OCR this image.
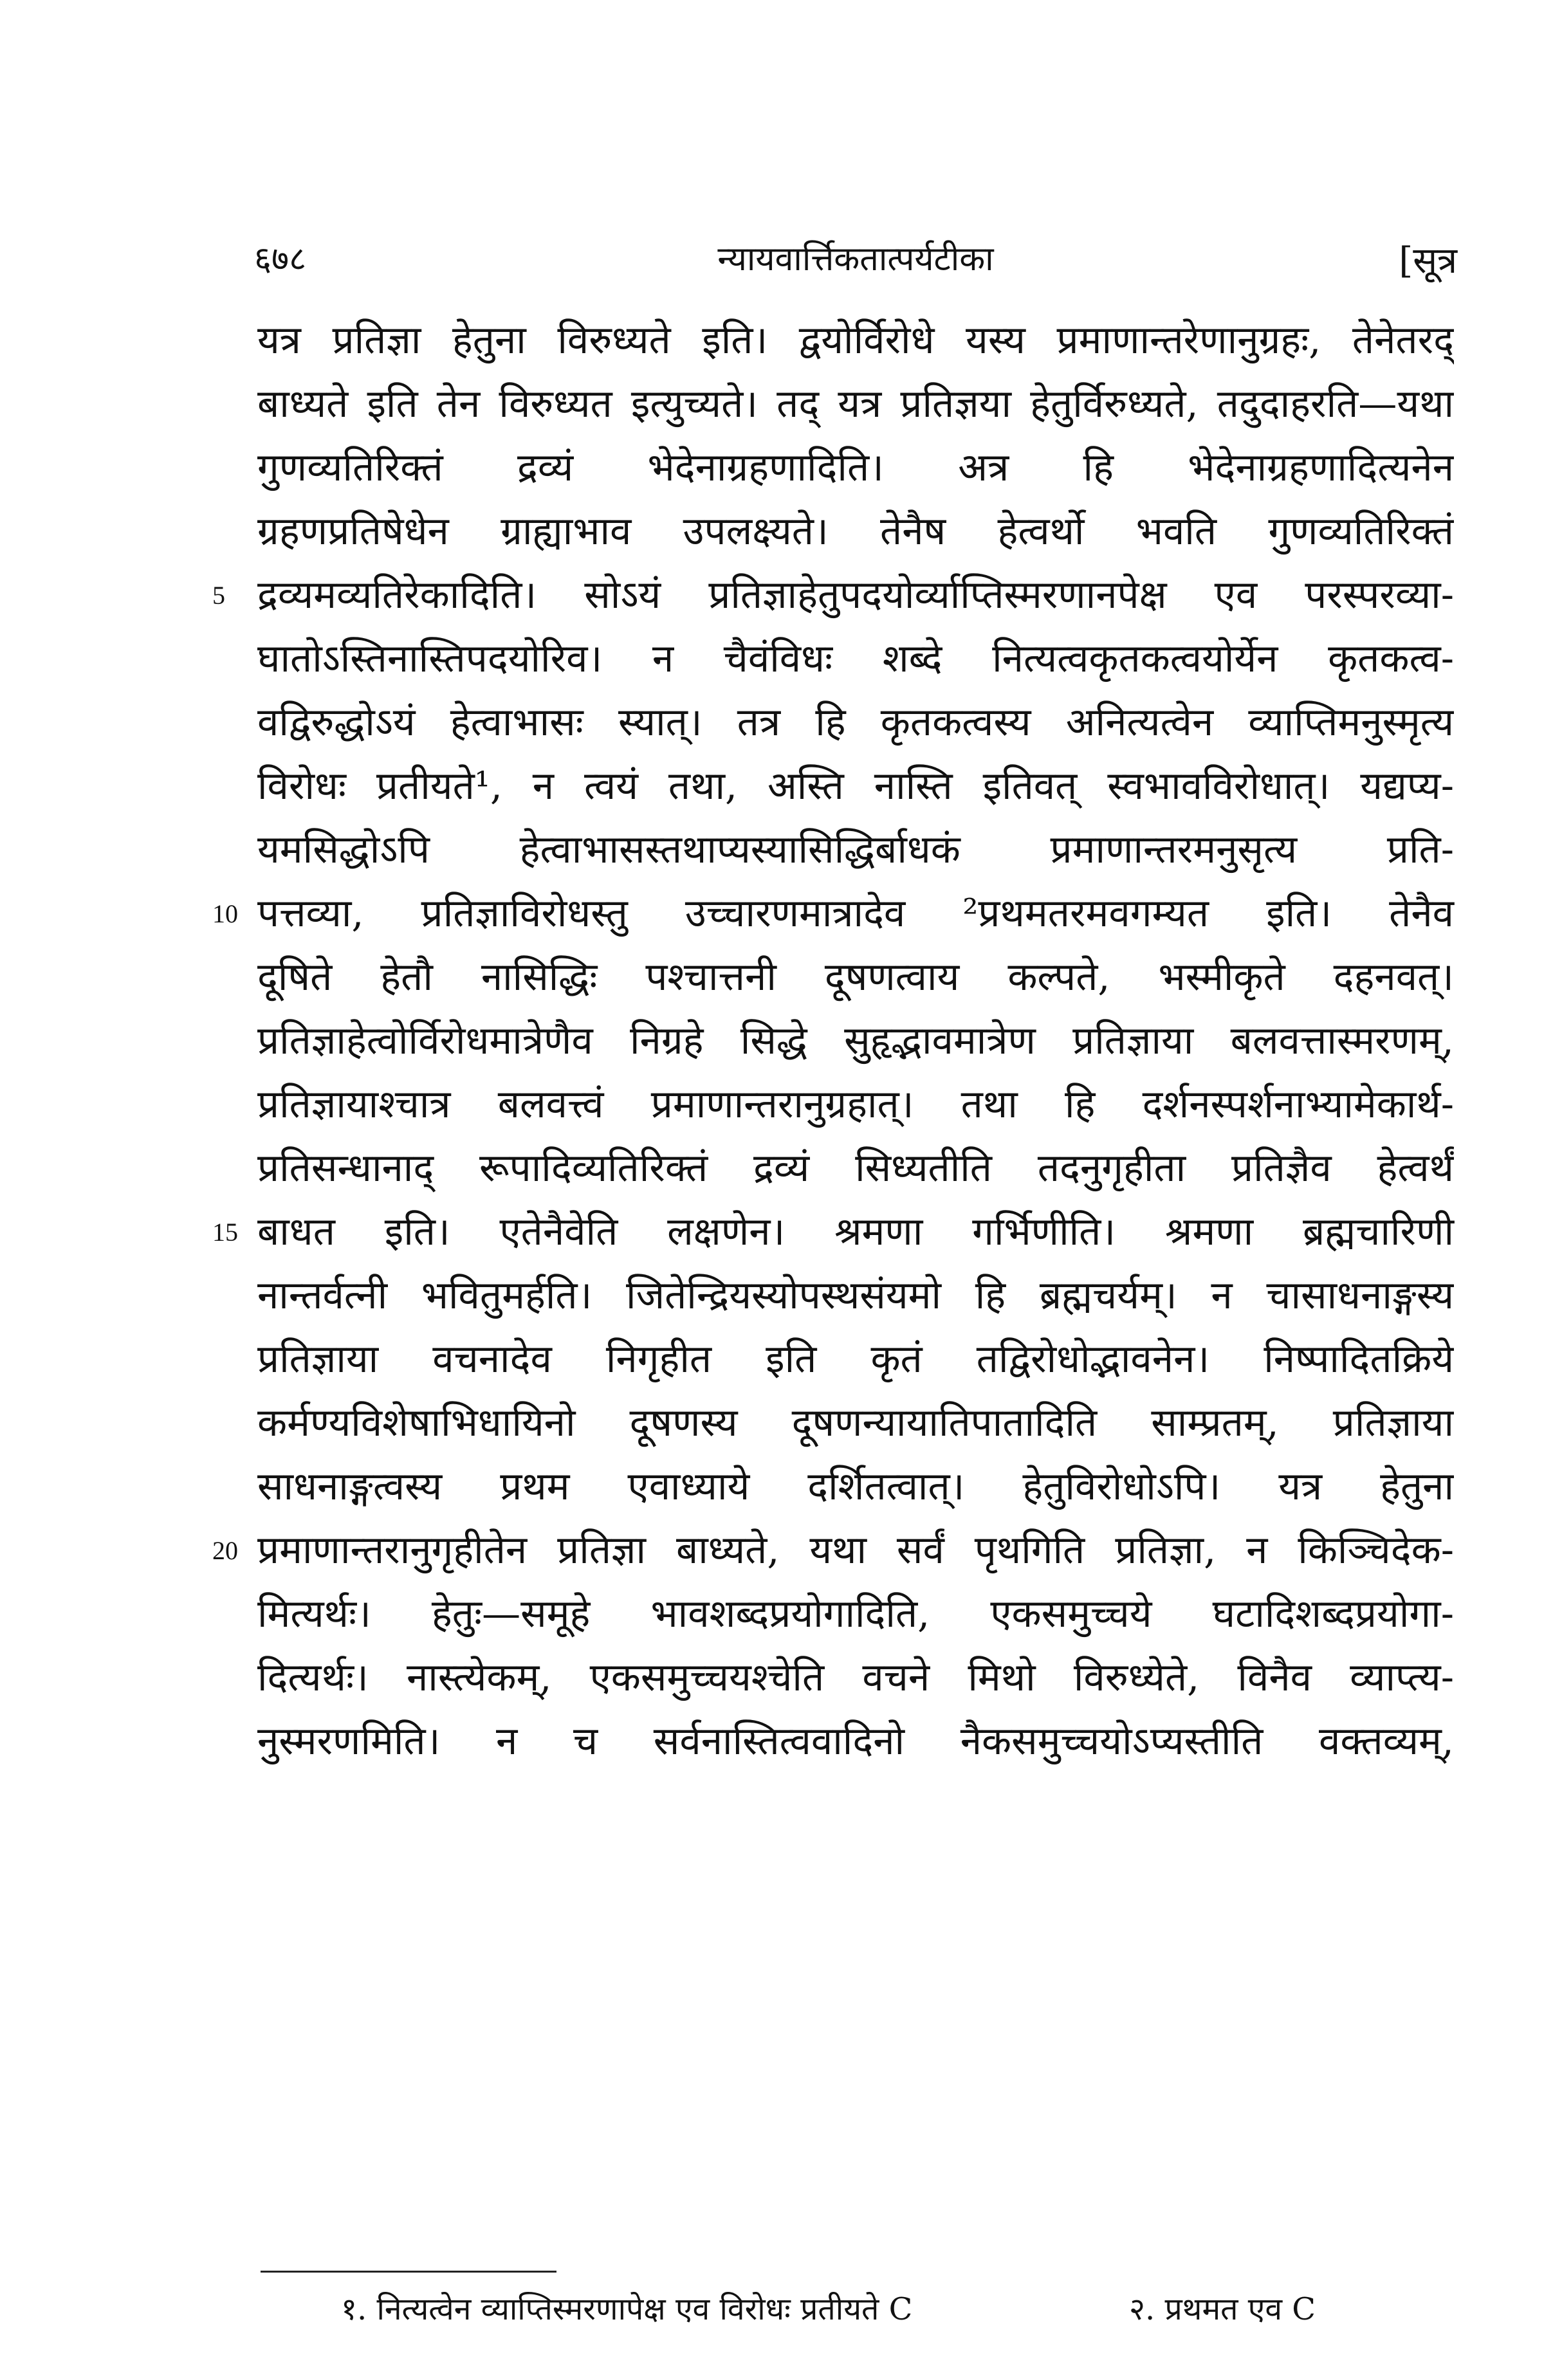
६७८	न्यायवार्त्तिकतात्पर्यटीका	[सूत्र
यत्र प्रतिज्ञा हेतुना विरुध्यते इति। द्वयोर्विरोधे यस्य प्रमाणान्तरेणानुग्रहः, तेनेतरद्
बाध्यते इति तेन विरुध्यत इत्युच्यते। तद् यत्र प्रतिज्ञया हेतुर्विरुध्यते, तदुदाहरति—यथा
गुणव्यतिरिक्तं द्रव्यं भेदेनाग्रहणादिति। अत्र हि भेदेनाग्रहणादित्यनेन
ग्रहणप्रतिषेधेन ग्राह्याभाव उपलक्ष्यते। तेनैष हेत्वर्थो भवति गुणव्यतिरिक्तं
5 द्रव्यमव्यतिरेकादिति। सोऽयं प्रतिज्ञाहेतुपदयोर्व्याप्तिस्मरणानपेक्ष एव परस्परव्या-
घातोऽस्तिनास्तिपदयोरिव। न चैवंविधः शब्दे नित्यत्वकृतकत्वयोर्येन कृतकत्व-
वद्विरुद्धोऽयं हेत्वाभासः स्यात्। तत्र हि कृतकत्वस्य अनित्यत्वेन व्याप्तिमनुस्मृत्य
विरोधः प्रतीयते¹, न त्वयं तथा, अस्ति नास्ति इतिवत् स्वभावविरोधात्। यद्यप्य-
यमसिद्धोऽपि हेत्वाभासस्तथाप्यस्यासिद्धिर्बाधकं प्रमाणान्तरमनुसृत्य प्रति-
10 पत्तव्या, प्रतिज्ञाविरोधस्तु उच्चारणमात्रादेव ²प्रथमतरमवगम्यत इति। तेनैव
दूषिते हेतौ नासिद्धिः पश्चात्तनी दूषणत्वाय कल्पते, भस्मीकृते दहनवत्।
प्रतिज्ञाहेत्वोर्विरोधमात्रेणैव निग्रहे सिद्धे सुहृद्भावमात्रेण प्रतिज्ञाया बलवत्तास्मरणम्,
प्रतिज्ञायाश्चात्र बलवत्त्वं प्रमाणान्तरानुग्रहात्। तथा हि दर्शनस्पर्शनाभ्यामेकार्थ-
प्रतिसन्धानाद् रूपादिव्यतिरिक्तं द्रव्यं सिध्यतीति तदनुगृहीता प्रतिज्ञैव हेत्वर्थं
15 बाधत इति। एतेनैवेति लक्षणेन। श्रमणा गर्भिणीति। श्रमणा ब्रह्मचारिणी
नान्तर्वत्नी भवितुमर्हति। जितेन्द्रियस्योपस्थसंयमो हि ब्रह्मचर्यम्। न चासाधनाङ्गस्य
प्रतिज्ञाया वचनादेव निगृहीत इति कृतं तद्विरोधोद्भावनेन। निष्पादितक्रिये
कर्मण्यविशेषाभिधायिनो दूषणस्य दूषणन्यायातिपातादिति साम्प्रतम्, प्रतिज्ञाया
साधनाङ्गत्वस्य प्रथम एवाध्याये दर्शितत्वात्। हेतुविरोधोऽपि। यत्र हेतुना
20 प्रमाणान्तरानुगृहीतेन प्रतिज्ञा बाध्यते, यथा सर्वं पृथगिति प्रतिज्ञा, न किञ्चिदेक-
मित्यर्थः। हेतुः—समूहे भावशब्दप्रयोगादिति, एकसमुच्चये घटादिशब्दप्रयोगा-
दित्यर्थः। नास्त्येकम्, एकसमुच्चयश्चेति वचने मिथो विरुध्येते, विनैव व्याप्त्य-
नुस्मरणमिति। न च सर्वनास्तित्ववादिनो नैकसमुच्चयोऽप्यस्तीति वक्तव्यम्,
१. नित्यत्वेन व्याप्तिस्मरणापेक्ष एव विरोधः प्रतीयते C	२. प्रथमत एव C
